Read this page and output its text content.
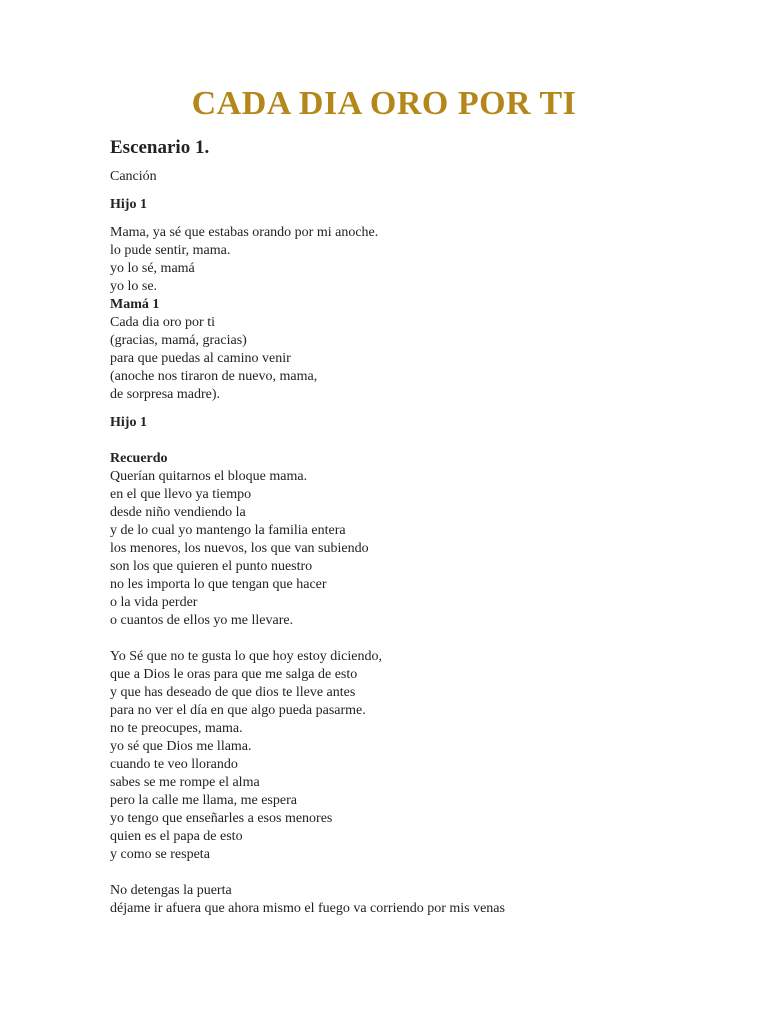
CADA DIA ORO POR TI
Escenario 1.
Canción
Hijo 1
Mama, ya sé que estabas orando por mi anoche.
lo pude sentir, mama.
yo lo sé, mamá
yo lo se.
Mamá 1
Cada dia oro por ti
(gracias, mamá, gracias)
para que puedas al camino venir
(anoche nos tiraron de nuevo, mama,
de sorpresa madre).
Hijo 1
Recuerdo
Querían quitarnos el bloque mama.
en el que llevo ya tiempo
desde niño vendiendo la
y de lo cual yo mantengo la familia entera
los menores, los nuevos, los que van subiendo
son los que quieren el punto nuestro
no les importa lo que tengan que hacer
o la vida perder
o cuantos de ellos yo me llevare.
Yo Sé que no te gusta lo que hoy estoy diciendo,
que a Dios le oras para que me salga de esto
y que has deseado de que dios te lleve antes
para no ver el día en que algo pueda pasarme.
no te preocupes, mama.
yo sé que Dios me llama.
cuando te veo llorando
sabes se me rompe el alma
pero la calle me llama, me espera
yo tengo que enseñarles a esos menores
quien es el papa de esto
y como se respeta
No detengas la puerta
déjame ir afuera que ahora mismo el fuego va corriendo por mis venas
